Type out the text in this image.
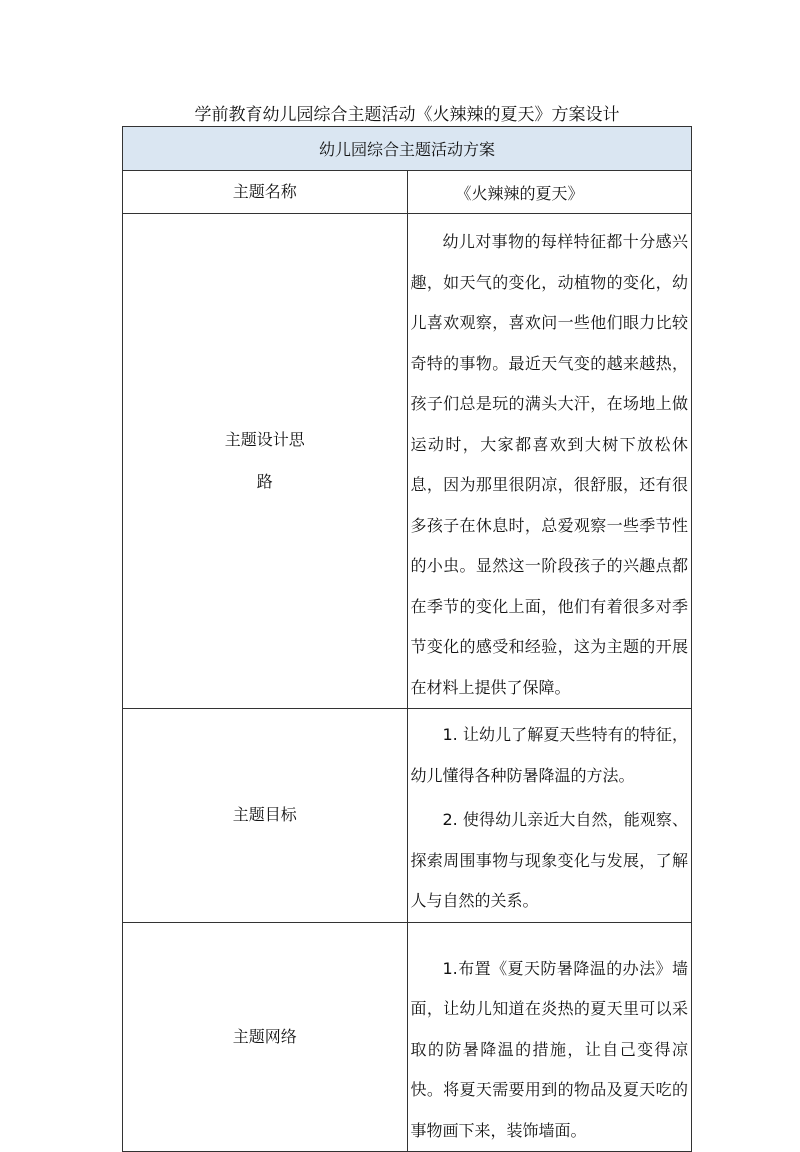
学前教育幼儿园综合主题活动《火辣辣的夏天》方案设计
幼儿园综合主题活动方案	
主题名称	《火辣辣的夏天》

主题设计思
路	幼儿对事物的每样特征都十分感兴趣，如天气的变化，动植物的变化，幼儿喜欢观察，喜欢问一些他们眼力比较奇特的事物。最近天气变的越来越热，孩子们总是玩的满头大汗，在场地上做运动时，大家都喜欢到大树下放松休息，因为那里很阴凉，很舒服，还有很多孩子在休息时，总爱观察一些季节性的小虫。显然这一阶段孩子的兴趣点都在季节的变化上面，他们有着很多对季节变化的感受和经验，这为主题的开展在材料上提供了保障。

主题目标	1. 让幼儿了解夏天些特有的特征，幼儿懂得各种防暑降温的方法。

2. 使得幼儿亲近大自然，能观察、探索周围事物与现象变化与发展，了解人与自然的关系。

主题网络	1.布置《夏天防暑降温的办法》墙面，让幼儿知道在炎热的夏天里可以采取的防暑降温的措施，让自己变得凉快。将夏天需要用到的物品及夏天吃的事物画下来，装饰墙面。
